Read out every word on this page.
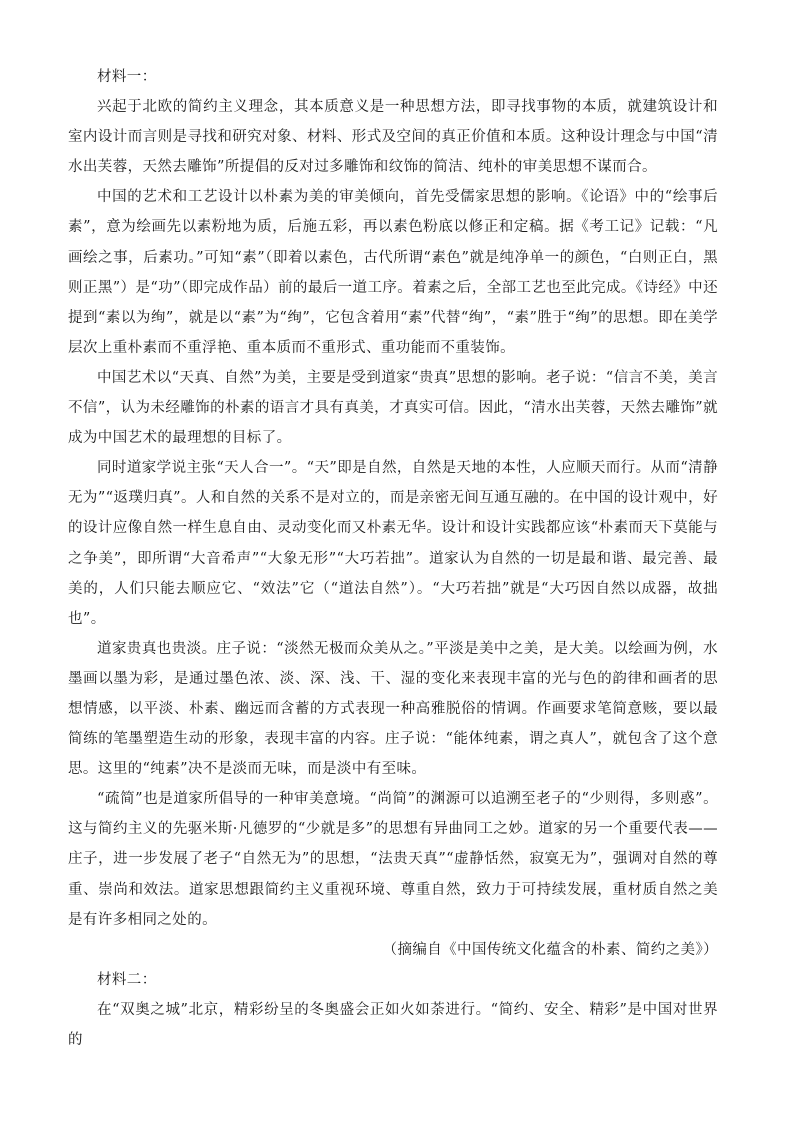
材料一：

兴起于北欧的简约主义理念，其本质意义是一种思想方法，即寻找事物的本质，就建筑设计和室内设计而言则是寻找和研究对象、材料、形式及空间的真正价值和本质。这种设计理念与中国“清水出芙蓉，天然去雕饰”所提倡的反对过多雕饰和纹饰的简洁、纯朴的审美思想不谋而合。

中国的艺术和工艺设计以朴素为美的审美倾向，首先受儒家思想的影响。《论语》中的“绘事后素”，意为绘画先以素粉地为质，后施五彩，再以素色粉底以修正和定稿。据《考工记》记载：“凡画绘之事，后素功。”可知“素”（即着以素色，古代所谓“素色”就是纯净单一的颜色，“白则正白，黑则正黑”）是“功”（即完成作品）前的最后一道工序。着素之后，全部工艺也至此完成。《诗经》中还提到“素以为绚”，就是以“素”为“绚”，它包含着用“素”代替“绚”，“素”胜于“绚”的思想。即在美学层次上重朴素而不重浮艳、重本质而不重形式、重功能而不重装饰。

中国艺术以“天真、自然”为美，主要是受到道家“贵真”思想的影响。老子说：“信言不美，美言不信”，认为未经雕饰的朴素的语言才具有真美，才真实可信。因此，“清水出芙蓉，天然去雕饰”就成为中国艺术的最理想的目标了。

同时道家学说主张“天人合一”。“天”即是自然，自然是天地的本性，人应顺天而行。从而“清静无为”“返璞归真”。人和自然的关系不是对立的，而是亲密无间互通互融的。在中国的设计观中，好的设计应像自然一样生息自由、灵动变化而又朴素无华。设计和设计实践都应该“朴素而天下莫能与之争美”，即所谓“大音希声”“大象无形”“大巧若拙”。道家认为自然的一切是最和谐、最完善、最美的，人们只能去顺应它、“效法”它（“道法自然”）。“大巧若拙”就是“大巧因自然以成器，故拙也”。

道家贵真也贵淡。庄子说：“淡然无极而众美从之。”平淡是美中之美，是大美。以绘画为例，水墨画以墨为彩，是通过墨色浓、淡、深、浅、干、湿的变化来表现丰富的光与色的韵律和画者的思想情感，以平淡、朴素、幽远而含蓄的方式表现一种高雅脱俗的情调。作画要求笔简意赅，要以最简练的笔墨塑造生动的形象，表现丰富的内容。庄子说：“能体纯素，谓之真人”，就包含了这个意思。这里的“纯素”决不是淡而无味，而是淡中有至味。

“疏简”也是道家所倡导的一种审美意境。“尚简”的渊源可以追溯至老子的“少则得，多则惑”。这与简约主义的先驱米斯·凡德罗的“少就是多”的思想有异曲同工之妙。道家的另一个重要代表——庄子，进一步发展了老子“自然无为”的思想，“法贵天真”“虚静恬然，寂寞无为”，强调对自然的尊重、崇尚和效法。道家思想跟简约主义重视环境、尊重自然，致力于可持续发展，重材质自然之美是有许多相同之处的。

（摘编自《中国传统文化蕴含的朴素、简约之美》）

材料二：

在“双奥之城”北京，精彩纷呈的冬奥盛会正如火如荼进行。“简约、安全、精彩”是中国对世界的
